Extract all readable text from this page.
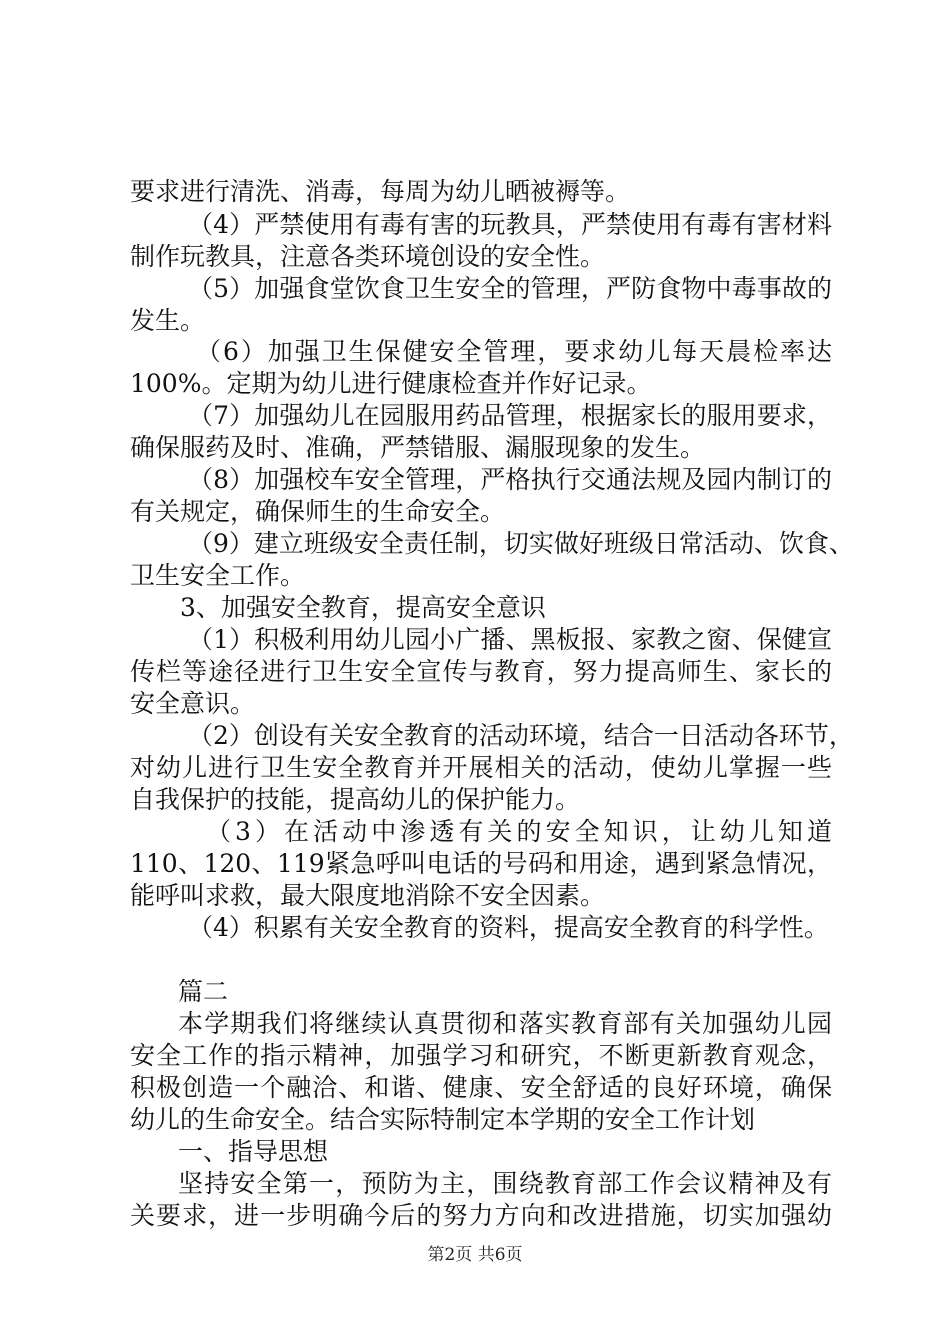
要求进行清洗、消毒，每周为幼儿晒被褥等。
（4）严禁使用有毒有害的玩教具，严禁使用有毒有害材料
制作玩教具，注意各类环境创设的安全性。
（5）加强食堂饮食卫生安全的管理，严防食物中毒事故的
发生。
（6）加强卫生保健安全管理，要求幼儿每天晨检率达
100%。定期为幼儿进行健康检查并作好记录。
（7）加强幼儿在园服用药品管理，根据家长的服用要求，
确保服药及时、准确，严禁错服、漏服现象的发生。
（8）加强校车安全管理，严格执行交通法规及园内制订的
有关规定，确保师生的生命安全。
（9）建立班级安全责任制，切实做好班级日常活动、饮食、
卫生安全工作。
3、加强安全教育，提高安全意识
（1）积极利用幼儿园小广播、黑板报、家教之窗、保健宣
传栏等途径进行卫生安全宣传与教育，努力提高师生、家长的
安全意识。
（2）创设有关安全教育的活动环境，结合一日活动各环节，
对幼儿进行卫生安全教育并开展相关的活动，使幼儿掌握一些
自我保护的技能，提高幼儿的保护能力。
（3）在活动中渗透有关的安全知识，让幼儿知道
110、120、119紧急呼叫电话的号码和用途，遇到紧急情况，
能呼叫求救，最大限度地消除不安全因素。
（4）积累有关安全教育的资料，提高安全教育的科学性。
篇二
本学期我们将继续认真贯彻和落实教育部有关加强幼儿园
安全工作的指示精神，加强学习和研究，不断更新教育观念，
积极创造一个融洽、和谐、健康、安全舒适的良好环境，确保
幼儿的生命安全。结合实际特制定本学期的安全工作计划
一、指导思想
坚持安全第一，预防为主，围绕教育部工作会议精神及有
关要求，进一步明确今后的努力方向和改进措施，切实加强幼
第2页 共6页
